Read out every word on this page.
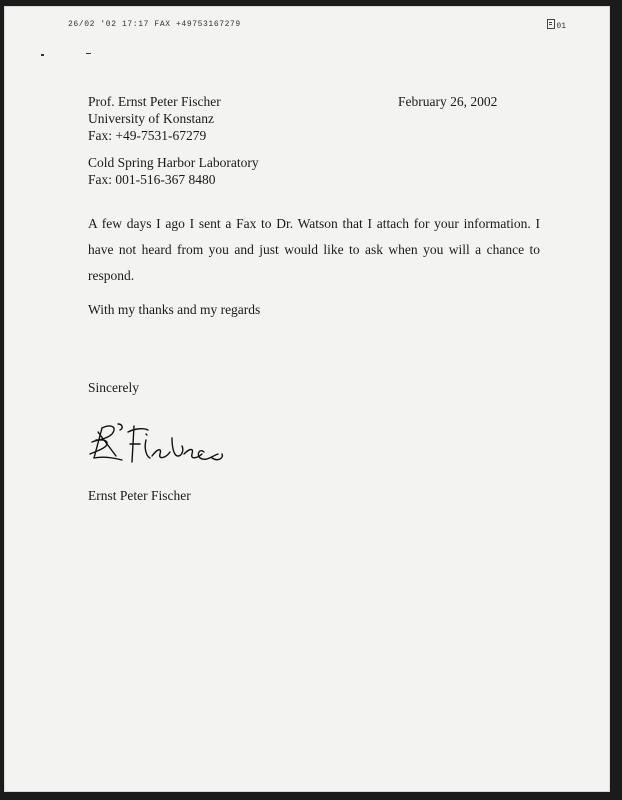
26/02 '02 17:17 FAX +49753167279	01
Prof. Ernst Peter Fischer
University of Konstanz
Fax: +49-7531-67279
February 26, 2002
Cold Spring Harbor Laboratory
Fax: 001-516-367 8480
A few days I ago I sent a Fax to Dr. Watson that I attach for your information. I have not heard from you and just would like to ask when you will a chance to respond.
With my thanks and my regards
Sincerely
Ernst Peter Fischer
